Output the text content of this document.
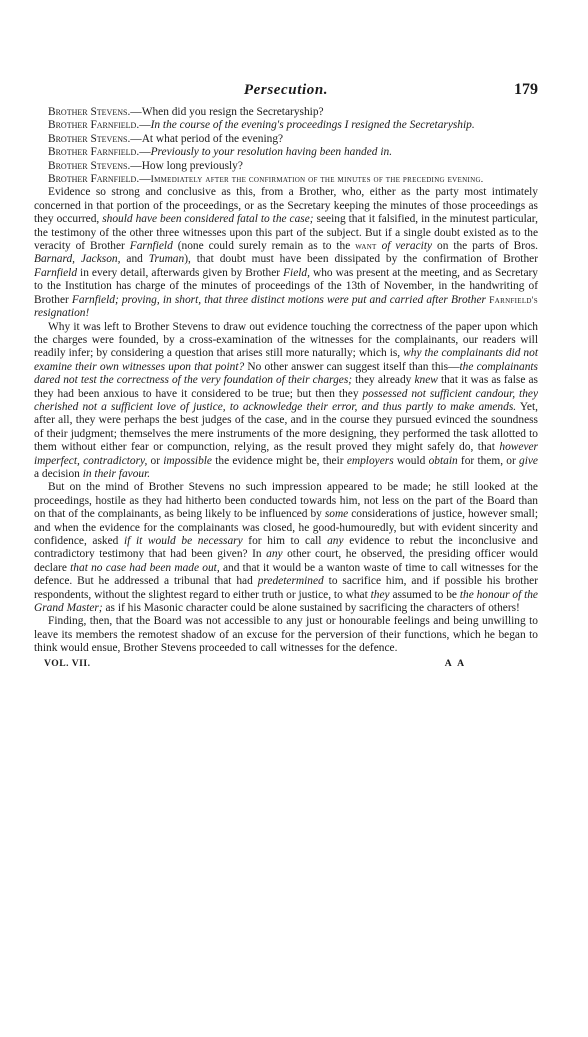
Persecution.	179

Brother Stevens.—When did you resign the Secretaryship?

Brother Farnfield.—In the course of the evening's proceedings I resigned the Secretaryship.

Brother Stevens.—At what period of the evening?

Brother Farnfield.—Previously to your resolution having been handed in.

Brother Stevens.—How long previously?

Brother Farnfield.—Immediately after the confirmation of the minutes of the preceding evening.

Evidence so strong and conclusive as this, from a Brother, who, either as the party most intimately concerned in that portion of the proceedings, or as the Secretary keeping the minutes of those proceedings as they occurred, should have been considered fatal to the case; seeing that it falsified, in the minutest particular, the testimony of the other three witnesses upon this part of the subject. But if a single doubt existed as to the veracity of Brother Farnfield (none could surely remain as to the want of veracity on the parts of Bros. Barnard, Jackson, and Truman), that doubt must have been dissipated by the confirmation of Brother Farnfield in every detail, afterwards given by Brother Field, who was present at the meeting, and as Secretary to the Institution has charge of the minutes of proceedings of the 13th of November, in the handwriting of Brother Farnfield; proving, in short, that three distinct motions were put and carried after Brother Farnfield's resignation!

Why it was left to Brother Stevens to draw out evidence touching the correctness of the paper upon which the charges were founded, by a cross-examination of the witnesses for the complainants, our readers will readily infer; by considering a question that arises still more naturally; which is, why the complainants did not examine their own witnesses upon that point? No other answer can suggest itself than this—the complainants dared not test the correctness of the very foundation of their charges; they already knew that it was as false as they had been anxious to have it considered to be true; but then they possessed not sufficient candour, they cherished not a sufficient love of justice, to acknowledge their error, and thus partly to make amends. Yet, after all, they were perhaps the best judges of the case, and in the course they pursued evinced the soundness of their judgment; themselves the mere instruments of the more designing, they performed the task allotted to them without either fear or compunction, relying, as the result proved they might safely do, that however imperfect, contradictory, or impossible the evidence might be, their employers would obtain for them, or give a decision in their favour.

But on the mind of Brother Stevens no such impression appeared to be made; he still looked at the proceedings, hostile as they had hitherto been conducted towards him, not less on the part of the Board than on that of the complainants, as being likely to be influenced by some considerations of justice, however small; and when the evidence for the complainants was closed, he good-humouredly, but with evident sincerity and confidence, asked if it would be necessary for him to call any evidence to rebut the inconclusive and contradictory testimony that had been given? In any other court, he observed, the presiding officer would declare that no case had been made out, and that it would be a wanton waste of time to call witnesses for the defence. But he addressed a tribunal that had predetermined to sacrifice him, and if possible his brother respondents, without the slightest regard to either truth or justice, to what they assumed to be the honour of the Grand Master; as if his Masonic character could be alone sustained by sacrificing the characters of others!

Finding, then, that the Board was not accessible to any just or honourable feelings and being unwilling to leave its members the remotest shadow of an excuse for the perversion of their functions, which he began to think would ensue, Brother Stevens proceeded to call witnesses for the defence.

VOL. VII.	A A
